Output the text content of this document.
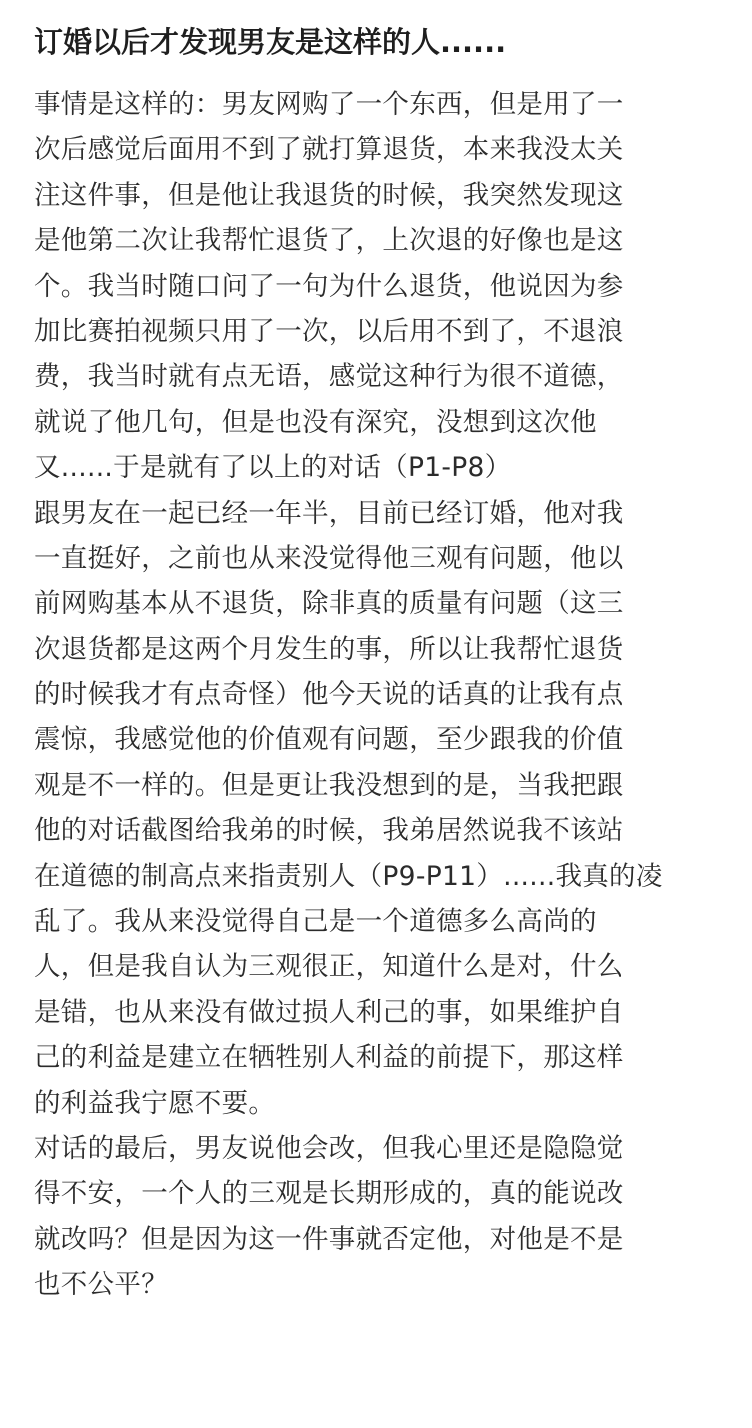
订婚以后才发现男友是这样的人......

事情是这样的：男友网购了一个东西，但是用了一
次后感觉后面用不到了就打算退货，本来我没太关
注这件事，但是他让我退货的时候，我突然发现这
是他第二次让我帮忙退货了，上次退的好像也是这
个。我当时随口问了一句为什么退货，他说因为参
加比赛拍视频只用了一次，以后用不到了，不退浪
费，我当时就有点无语，感觉这种行为很不道德，
就说了他几句，但是也没有深究，没想到这次他
又......于是就有了以上的对话（P1-P8）

跟男友在一起已经一年半，目前已经订婚，他对我
一直挺好，之前也从来没觉得他三观有问题，他以
前网购基本从不退货，除非真的质量有问题（这三
次退货都是这两个月发生的事，所以让我帮忙退货
的时候我才有点奇怪）他今天说的话真的让我有点
震惊，我感觉他的价值观有问题，至少跟我的价值
观是不一样的。但是更让我没想到的是，当我把跟
他的对话截图给我弟的时候，我弟居然说我不该站
在道德的制高点来指责别人（P9-P11）......我真的凌
乱了。我从来没觉得自己是一个道德多么高尚的
人，但是我自认为三观很正，知道什么是对，什么
是错，也从来没有做过损人利己的事，如果维护自
己的利益是建立在牺牲别人利益的前提下，那这样
的利益我宁愿不要。

对话的最后，男友说他会改，但我心里还是隐隐觉
得不安，一个人的三观是长期形成的，真的能说改
就改吗？但是因为这一件事就否定他，对他是不是
也不公平？
